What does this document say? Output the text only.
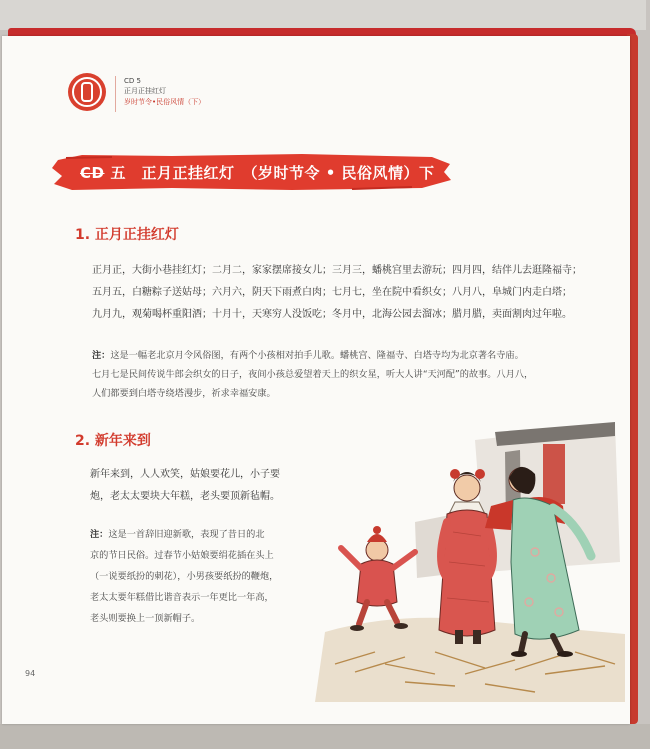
CD 5
正月正挂红灯
岁时节令•民俗风情（下）
CD 五　正月正挂红灯　（岁时节令 • 民俗风情）下
1. 正月正挂红灯

正月正，大街小巷挂红灯；二月二，家家摆席接女儿；三月三，蟠桃宫里去游玩；四月四，结伴儿去逛隆福寺；

五月五，白糖粽子送姑母；六月六，阴天下雨煮白肉；七月七，坐在院中看织女；八月八，阜城门内走白塔；

九月九，观菊喝杯重阳酒；十月十，天寒穷人没饭吃；冬月中，北海公园去溜冰；腊月腊，卖面割肉过年啦。

注：这是一幅老北京月令风俗图，有两个小孩相对拍手儿歌。蟠桃宫、隆福寺、白塔寺均为北京著名寺庙。

七月七是民间传说牛郎会织女的日子，夜间小孩总爱望着天上的织女星，听大人讲“天河配”的故事。八月八，

人们都要到白塔寺绕塔漫步，祈求幸福安康。

2. 新年来到

新年来到，人人欢笑，姑娘要花儿，小子要

炮，老太太要块大年糕，老头要顶新毡帽。

注：这是一首辞旧迎新歌，表现了昔日的北

京的节日民俗。过春节小姑娘要绢花插在头上

（一说要纸扮的刺花），小男孩要纸扮的鞭炮，

老太太要年糕借比谐音表示一年更比一年高，

老头则要换上一顶新帽子。

94
